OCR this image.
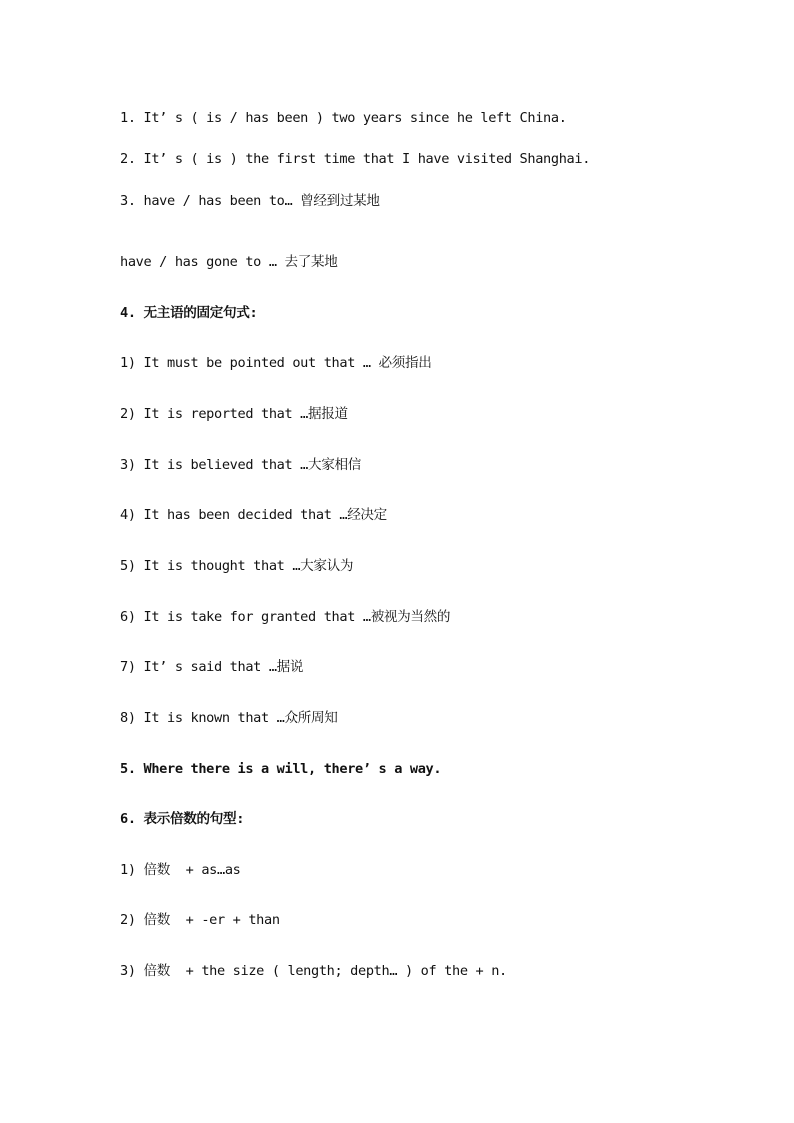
1. It’ s ( is / has been ) two years since he left China.

2. It’ s ( is ) the first time that I have visited Shanghai.

3. have / has been to… 曾经到过某地

have / has gone to … 去了某地

4. 无主语的固定句式:

1) It must be pointed out that … 必须指出

2) It is reported that …据报道

3) It is believed that …大家相信

4) It has been decided that …经决定

5) It is thought that …大家认为

6) It is take for granted that …被视为当然的

7) It’ s said that …据说

8) It is known that …众所周知

5. Where there is a will, there’ s a way.

6. 表示倍数的句型:

1) 倍数  + as…as

2) 倍数  + -er + than

3) 倍数  + the size ( length; depth… ) of the + n.
